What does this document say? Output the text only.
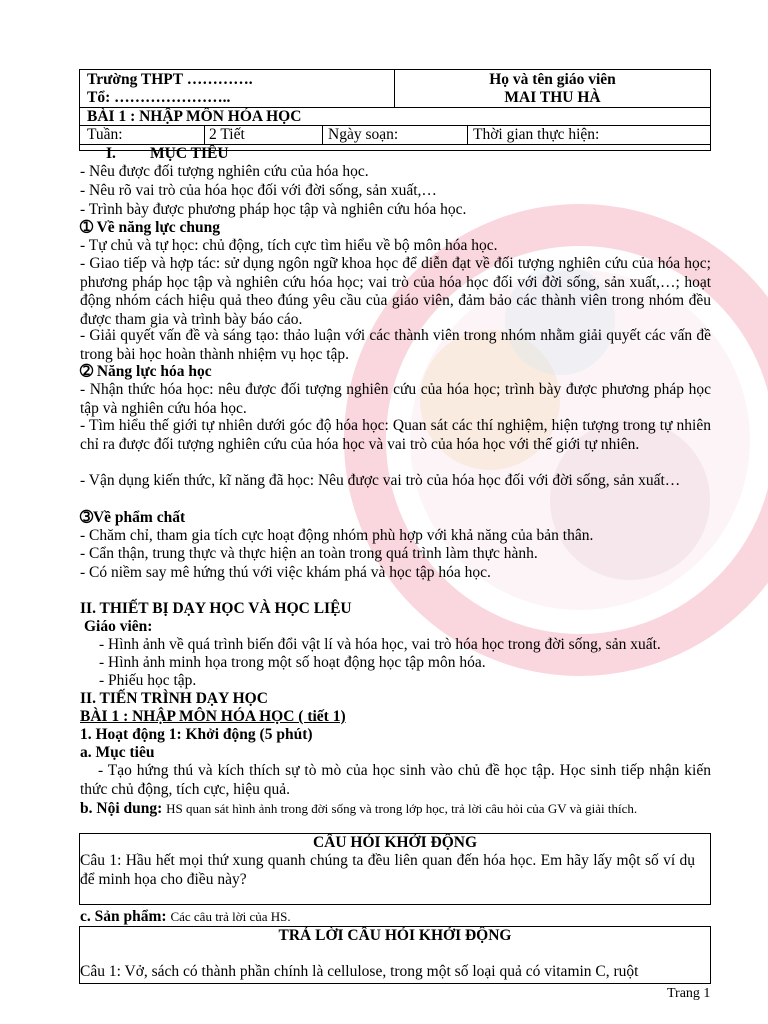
Trường THPT ………….
Tổ: …………………..
Họ và tên giáo viên
MAI THU HÀ
BÀI 1 : NHẬP MÔN HÓA HỌC
Tuần:	2 Tiết	Ngày soạn:	Thời gian thực hiện:
I. MỤC TIÊU
- Nêu được đối tượng nghiên cứu của hóa học.
- Nêu rõ vai trò của hóa học đối với đời sống, sản xuất,…
- Trình bày được phương pháp học tập và nghiên cứu hóa học.
➀ Về năng lực chung
- Tự chủ và tự học: chủ động, tích cực tìm hiểu về bộ môn hóa học.
- Giao tiếp và hợp tác: sử dụng ngôn ngữ khoa học để diễn đạt về đối tượng nghiên cứu của hóa học; phương pháp học tập và nghiên cứu hóa học; vai trò của hóa học đối với đời sống, sản xuất,…; hoạt động nhóm cách hiệu quả theo đúng yêu cầu của giáo viên, đảm bảo các thành viên trong nhóm đều được tham gia và trình bày báo cáo.
- Giải quyết vấn đề và sáng tạo: thảo luận với các thành viên trong nhóm nhằm giải quyết các vấn đề trong bài học hoàn thành nhiệm vụ học tập.
➁ Năng lực hóa học
- Nhận thức hóa học: nêu được đối tượng nghiên cứu của hóa học; trình bày được phương pháp học tập và nghiên cứu hóa học.
- Tìm hiểu thế giới tự nhiên dưới góc độ hóa học: Quan sát các thí nghiệm, hiện tượng trong tự nhiên chỉ ra được đối tượng nghiên cứu của hóa học và vai trò của hóa học với thế giới tự nhiên.
- Vận dụng kiến thức, kĩ năng đã học: Nêu được vai trò của hóa học đối với đời sống, sản xuất…
➂Về phẩm chất
- Chăm chỉ, tham gia tích cực hoạt động nhóm phù hợp với khả năng của bản thân.
- Cẩn thận, trung thực và thực hiện an toàn trong quá trình làm thực hành.
- Có niềm say mê hứng thú với việc khám phá và học tập hóa học.
II. THIẾT BỊ DẠY HỌC VÀ HỌC LIỆU
Giáo viên:
- Hình ảnh về quá trình biến đổi vật lí và hóa học, vai trò hóa học trong đời sống, sản xuất.
- Hình ảnh minh họa trong một số hoạt động học tập môn hóa.
- Phiếu học tập.
II. TIẾN TRÌNH DẠY HỌC
BÀI 1 : NHẬP MÔN HÓA HỌC ( tiết 1)
1. Hoạt động 1: Khởi động (5 phút)
a. Mục tiêu
- Tạo hứng thú và kích thích sự tò mò của học sinh vào chủ đề học tập. Học sinh tiếp nhận kiến thức chủ động, tích cực, hiệu quả.
b. Nội dung: HS quan sát hình ảnh trong đời sống và trong lớp học, trả lời câu hỏi của GV và giải thích.
CÂU HỎI KHỞI ĐỘNG
Câu 1: Hầu hết mọi thứ xung quanh chúng ta đều liên quan đến hóa học. Em hãy lấy một số ví dụ để minh họa cho điều này?
c. Sản phẩm: Các câu trả lời của HS.
TRẢ LỜI CÂU HỎI KHỞI ĐỘNG
Câu 1: Vở, sách có thành phần chính là cellulose, trong một số loại quả có vitamin C, ruột
Trang 1
